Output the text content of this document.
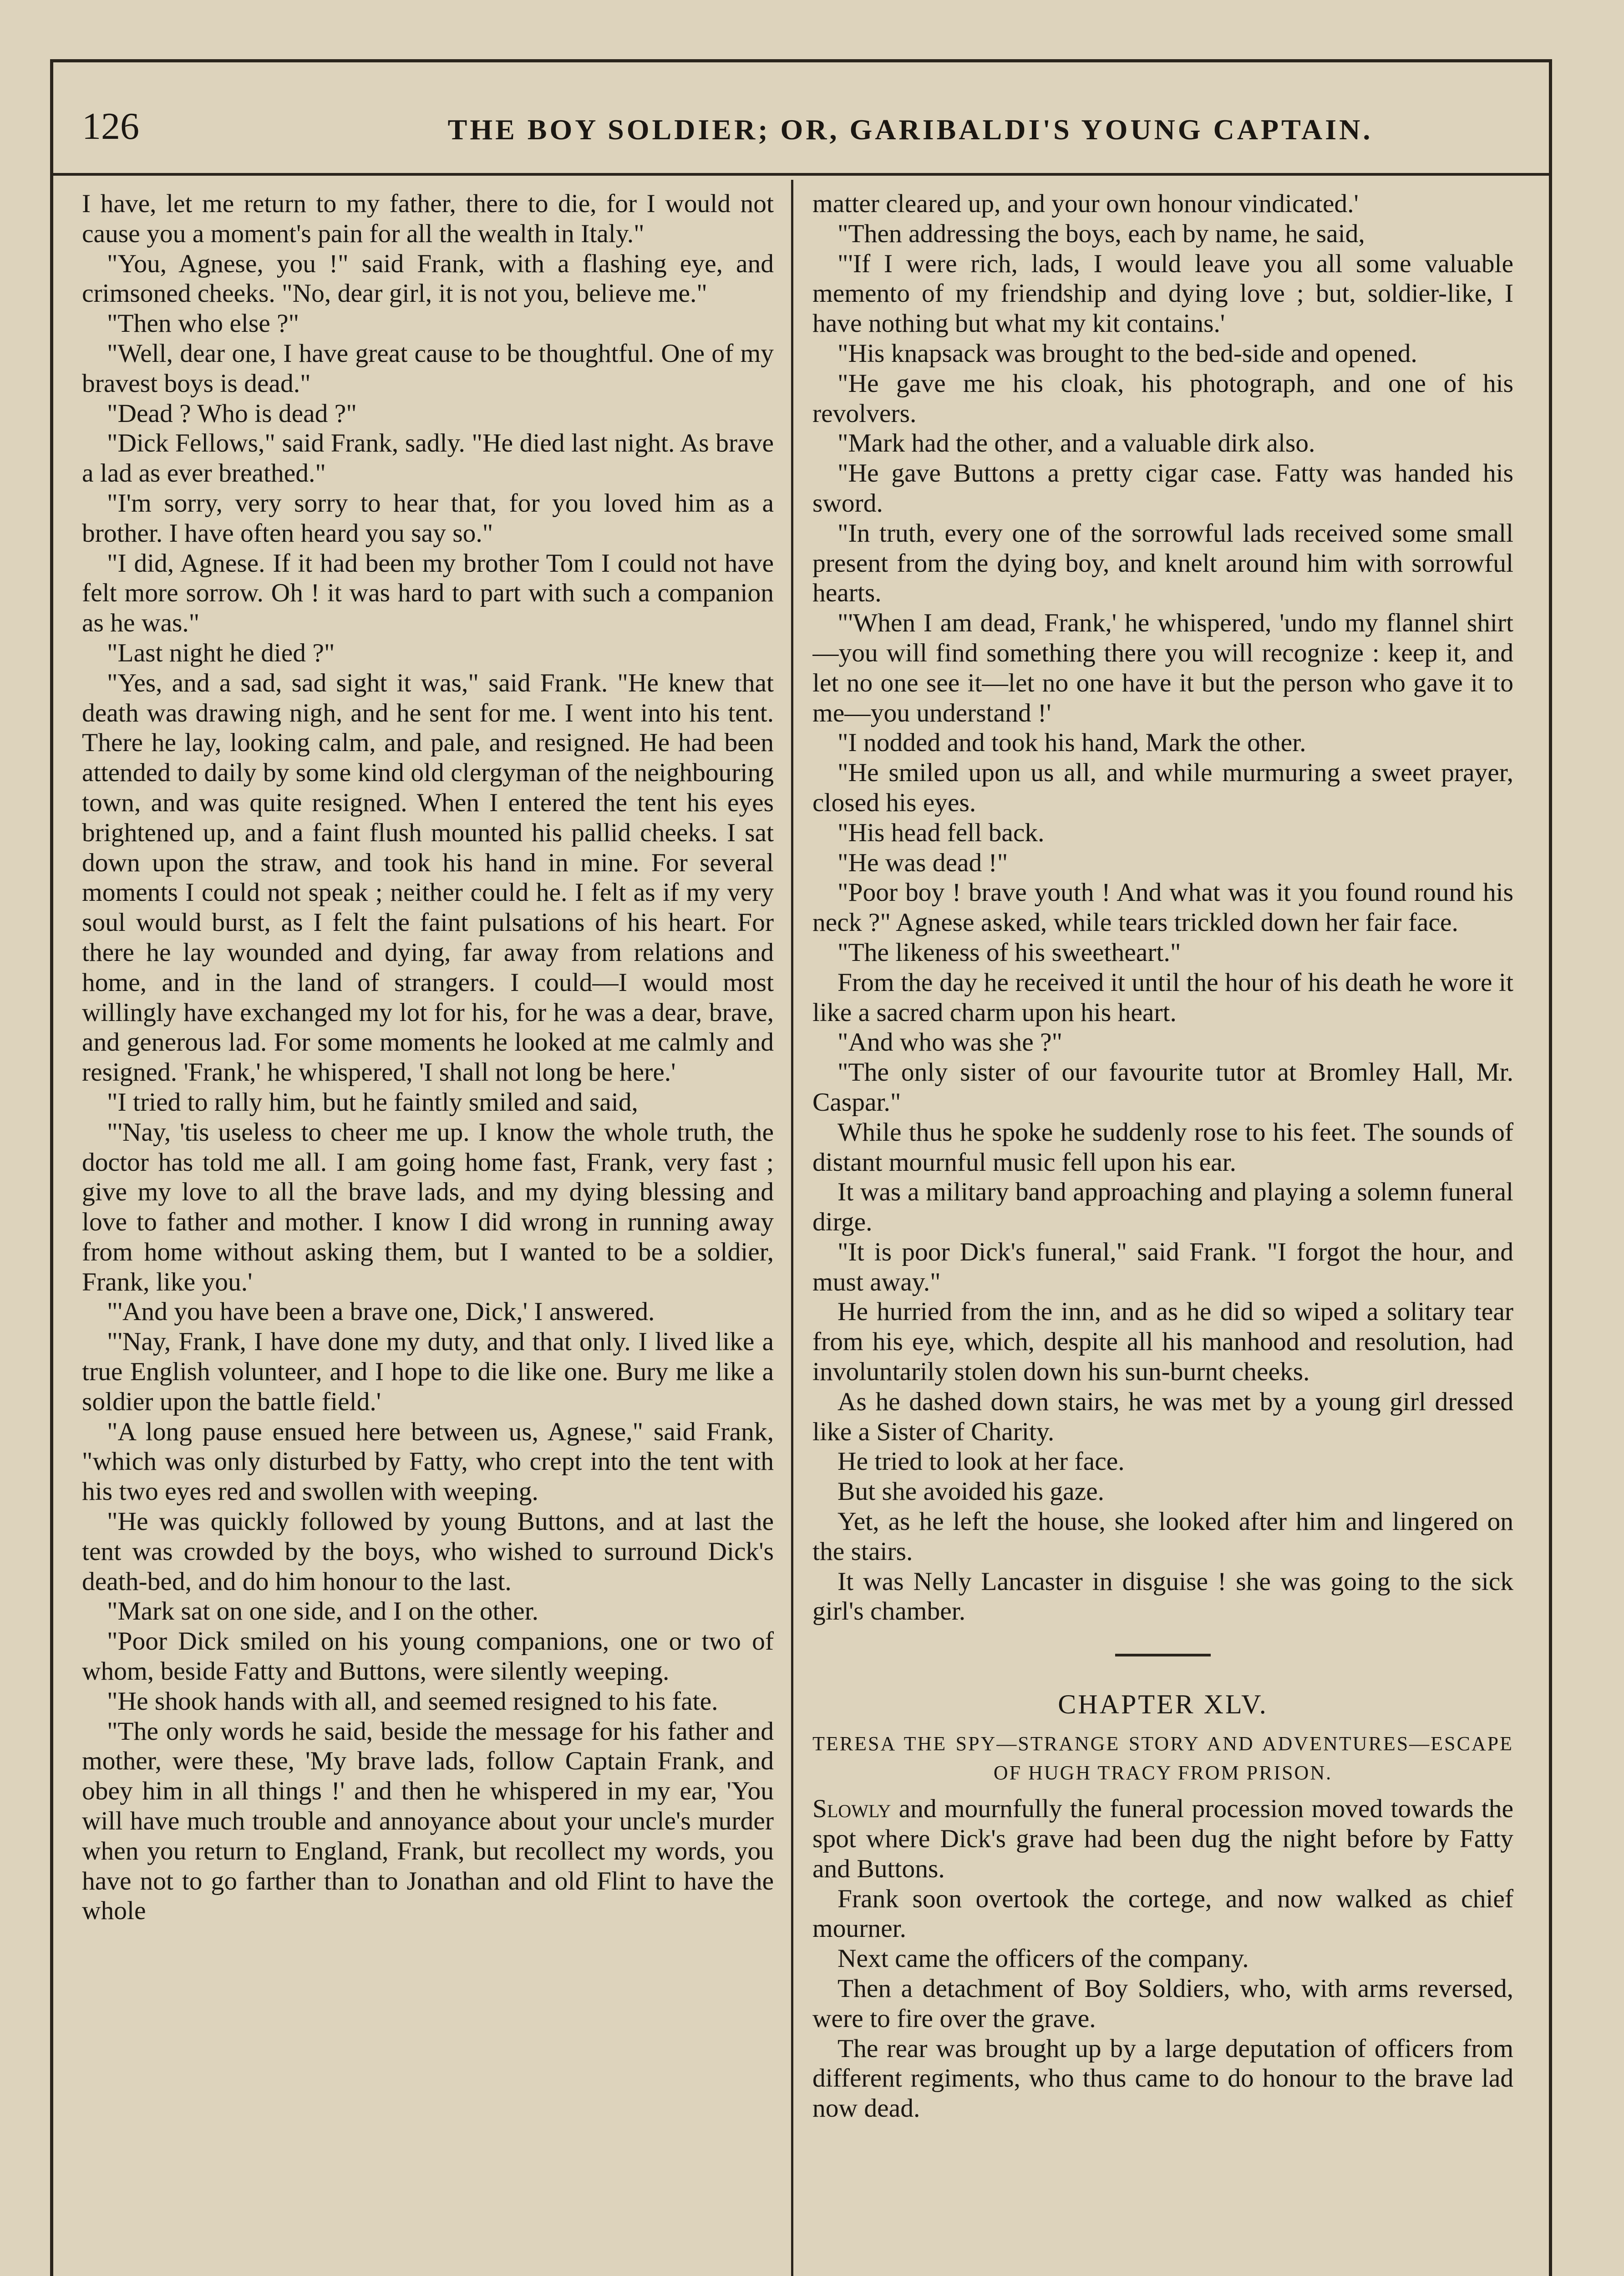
126	THE BOY SOLDIER; OR, GARIBALDI'S YOUNG CAPTAIN.

I have, let me return to my father, there to die, for I would not cause you a moment's pain for all the wealth in Italy."

"You, Agnese, you !" said Frank, with a flashing eye, and crimsoned cheeks. "No, dear girl, it is not you, believe me."

"Then who else ?"

"Well, dear one, I have great cause to be thoughtful. One of my bravest boys is dead."

"Dead ? Who is dead ?"

"Dick Fellows," said Frank, sadly. "He died last night. As brave a lad as ever breathed."

"I'm sorry, very sorry to hear that, for you loved him as a brother. I have often heard you say so."

"I did, Agnese. If it had been my brother Tom I could not have felt more sorrow. Oh ! it was hard to part with such a companion as he was."

"Last night he died ?"

"Yes, and a sad, sad sight it was," said Frank. "He knew that death was drawing nigh, and he sent for me. I went into his tent. There he lay, looking calm, and pale, and resigned. He had been attended to daily by some kind old clergyman of the neighbouring town, and was quite resigned. When I entered the tent his eyes brightened up, and a faint flush mounted his pallid cheeks. I sat down upon the straw, and took his hand in mine. For several moments I could not speak ; neither could he. I felt as if my very soul would burst, as I felt the faint pulsations of his heart. For there he lay wounded and dying, far away from relations and home, and in the land of strangers. I could—I would most willingly have exchanged my lot for his, for he was a dear, brave, and generous lad. For some moments he looked at me calmly and resigned. 'Frank,' he whispered, 'I shall not long be here.'

"I tried to rally him, but he faintly smiled and said,

"'Nay, 'tis useless to cheer me up. I know the whole truth, the doctor has told me all. I am going home fast, Frank, very fast ; give my love to all the brave lads, and my dying blessing and love to father and mother. I know I did wrong in running away from home without asking them, but I wanted to be a soldier, Frank, like you.'

"'And you have been a brave one, Dick,' I answered.

"'Nay, Frank, I have done my duty, and that only. I lived like a true English volunteer, and I hope to die like one. Bury me like a soldier upon the battle field.'

"A long pause ensued here between us, Agnese," said Frank, "which was only disturbed by Fatty, who crept into the tent with his two eyes red and swollen with weeping.

"He was quickly followed by young Buttons, and at last the tent was crowded by the boys, who wished to surround Dick's death-bed, and do him honour to the last.

"Mark sat on one side, and I on the other.

"Poor Dick smiled on his young companions, one or two of whom, beside Fatty and Buttons, were silently weeping.

"He shook hands with all, and seemed resigned to his fate.

"The only words he said, beside the message for his father and mother, were these, 'My brave lads, follow Captain Frank, and obey him in all things !' and then he whispered in my ear, 'You will have much trouble and annoyance about your uncle's murder when you return to England, Frank, but recollect my words, you have not to go farther than to Jonathan and old Flint to have the whole

matter cleared up, and your own honour vindicated.'

"Then addressing the boys, each by name, he said,

"'If I were rich, lads, I would leave you all some valuable memento of my friendship and dying love ; but, soldier-like, I have nothing but what my kit contains.'

"His knapsack was brought to the bed-side and opened.

"He gave me his cloak, his photograph, and one of his revolvers.

"Mark had the other, and a valuable dirk also.

"He gave Buttons a pretty cigar case. Fatty was handed his sword.

"In truth, every one of the sorrowful lads received some small present from the dying boy, and knelt around him with sorrowful hearts.

"'When I am dead, Frank,' he whispered, 'undo my flannel shirt—you will find something there you will recognize : keep it, and let no one see it—let no one have it but the person who gave it to me—you understand !'

"I nodded and took his hand, Mark the other.

"He smiled upon us all, and while murmuring a sweet prayer, closed his eyes.

"His head fell back.

"He was dead !"

"Poor boy ! brave youth ! And what was it you found round his neck ?" Agnese asked, while tears trickled down her fair face.

"The likeness of his sweetheart."

From the day he received it until the hour of his death he wore it like a sacred charm upon his heart.

"And who was she ?"

"The only sister of our favourite tutor at Bromley Hall, Mr. Caspar."

While thus he spoke he suddenly rose to his feet. The sounds of distant mournful music fell upon his ear.

It was a military band approaching and playing a solemn funeral dirge.

"It is poor Dick's funeral," said Frank. "I forgot the hour, and must away."

He hurried from the inn, and as he did so wiped a solitary tear from his eye, which, despite all his manhood and resolution, had involuntarily stolen down his sun-burnt cheeks.

As he dashed down stairs, he was met by a young girl dressed like a Sister of Charity.

He tried to look at her face.

But she avoided his gaze.

Yet, as he left the house, she looked after him and lingered on the stairs.

It was Nelly Lancaster in disguise ! she was going to the sick girl's chamber.

CHAPTER XLV.
TERESA THE SPY—STRANGE STORY AND ADVENTURES—ESCAPE OF HUGH TRACY FROM PRISON.

Slowly and mournfully the funeral procession moved towards the spot where Dick's grave had been dug the night before by Fatty and Buttons.

Frank soon overtook the cortege, and now walked as chief mourner.

Next came the officers of the company.

Then a detachment of Boy Soldiers, who, with arms reversed, were to fire over the grave.

The rear was brought up by a large deputation of officers from different regiments, who thus came to do honour to the brave lad now dead.
